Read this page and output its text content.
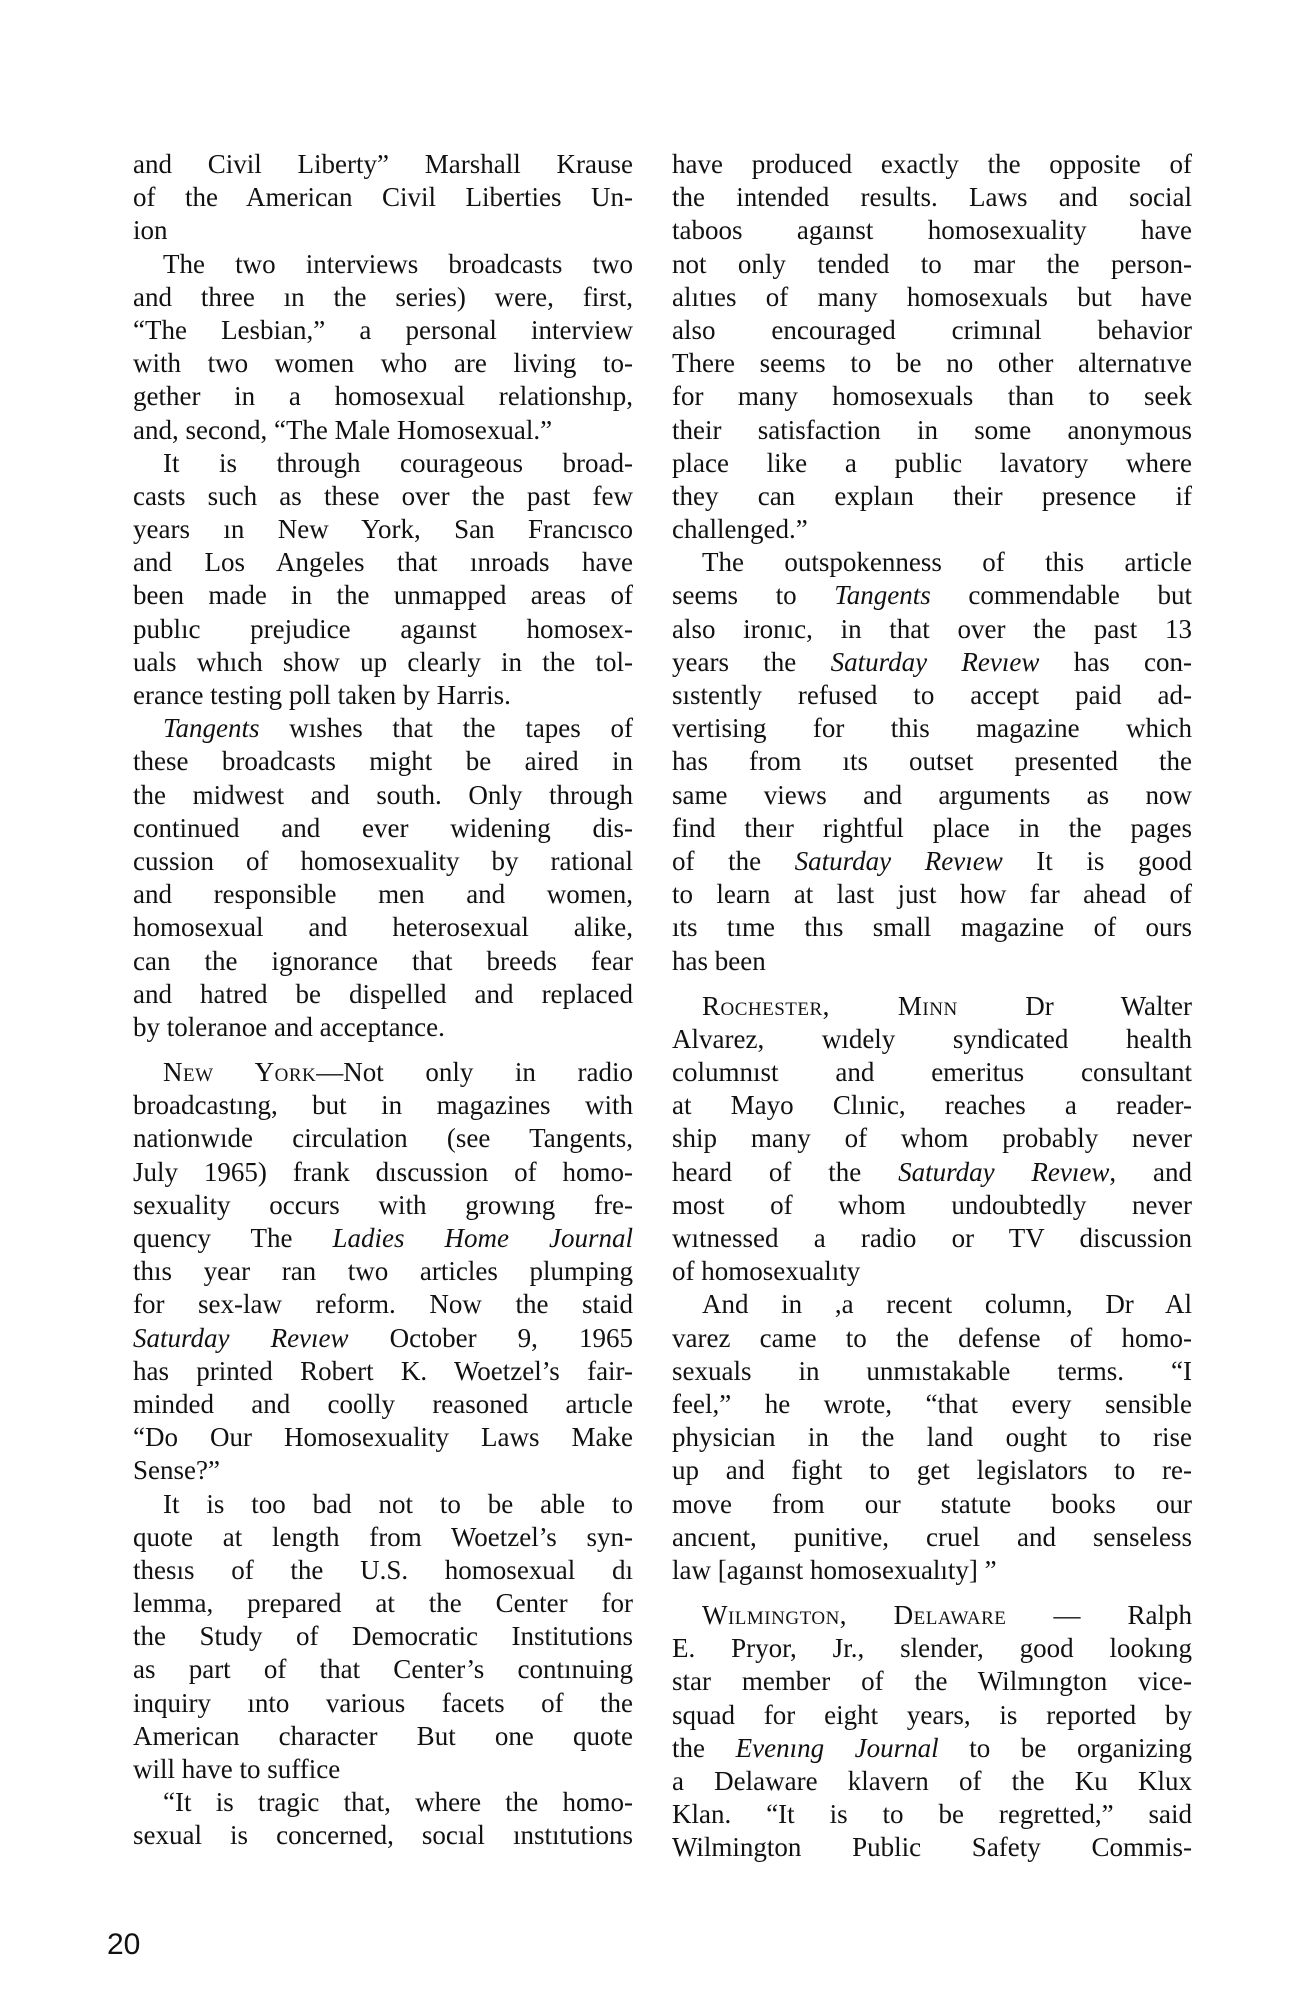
and Civil Liberty” Marshall Krause
of the American Civil Liberties Un-
ion
The two interviews broadcasts two
and three ın the series) were, first,
“The Lesbian,” a personal interview
with two women who are living to-
gether in a homosexual relationshıp,
and, second, “The Male Homosexual.”
It is through courageous broad-
casts such as these over the past few
years ın New York, San Francısco
and Los Angeles that ınroads have
been made in the unmapped areas of
publıc prejudice agaınst homosex-
uals whıch show up clearly in the tol-
erance testing poll taken by Harris.
Tangents wıshes that the tapes of
these broadcasts might be aired in
the midwest and south. Only through
continued and ever widening dis-
cussion of homosexuality by rational
and responsible men and women,
homosexual and heterosexual alike,
can the ignorance that breeds fear
and hatred be dispelled and replaced
by toleranoe and acceptance.
New York—Not only in radio
broadcastıng, but in magazines with
nationwıde circulation (see Tangents,
July 1965) frank dıscussion of homo-
sexuality occurs with growıng fre-
quency The Ladies Home Journal
thıs year ran two articles plumping
for sex-law reform. Now the staid
Saturday Revıew October 9, 1965
has printed Robert K. Woetzel’s fair-
minded and coolly reasoned artıcle
“Do Our Homosexuality Laws Make
Sense?”
It is too bad not to be able to
quote at length from Woetzel’s syn-
thesıs of the U.S. homosexual dı
lemma, prepared at the Center for
the Study of Democratic Institutions
as part of that Center’s contınuing
inquiry ınto various facets of the
American character But one quote
will have to suffice
“It is tragic that, where the homo-
sexual is concerned, socıal ınstıtutions
have produced exactly the opposite of
the intended results. Laws and social
taboos agaınst homosexuality have
not only tended to mar the person-
alıtıes of many homosexuals but have
also encouraged crimınal behavior
There seems to be no other alternatıve
for many homosexuals than to seek
their satisfaction in some anonymous
place like a public lavatory where
they can explaın their presence if
challenged.”
The outspokenness of this article
seems to Tangents commendable but
also ironıc, in that over the past 13
years the Saturday Revıew has con-
sıstently refused to accept paid ad-
vertising for this magazine which
has from ıts outset presented the
same views and arguments as now
find theır rightful place in the pages
of the Saturday Revıew It is good
to learn at last just how far ahead of
ıts tıme thıs small magazine of ours
has been
Rochester, Minn Dr Walter
Alvarez, wıdely syndicated health
columnıst and emeritus consultant
at Mayo Clınic, reaches a reader-
ship many of whom probably never
heard of the Saturday Revıew, and
most of whom undoubtedly never
wıtnessed a radio or TV discussion
of homosexualıty
And in ,a recent column, Dr Al
varez came to the defense of homo-
sexuals in unmıstakable terms. “I
feel,” he wrote, “that every sensible
physician in the land ought to rise
up and fight to get legislators to re-
move from our statute books our
ancıent, punitive, cruel and senseless
law [agaınst homosexualıty] ”
Wilmington, Delaware — Ralph
E. Pryor, Jr., slender, good lookıng
star member of the Wilmıngton vice-
squad for eight years, is reported by
the Evenıng Journal to be organizing
a Delaware klavern of the Ku Klux
Klan. “It is to be regretted,” said
Wilmington Public Safety Commis-
20
